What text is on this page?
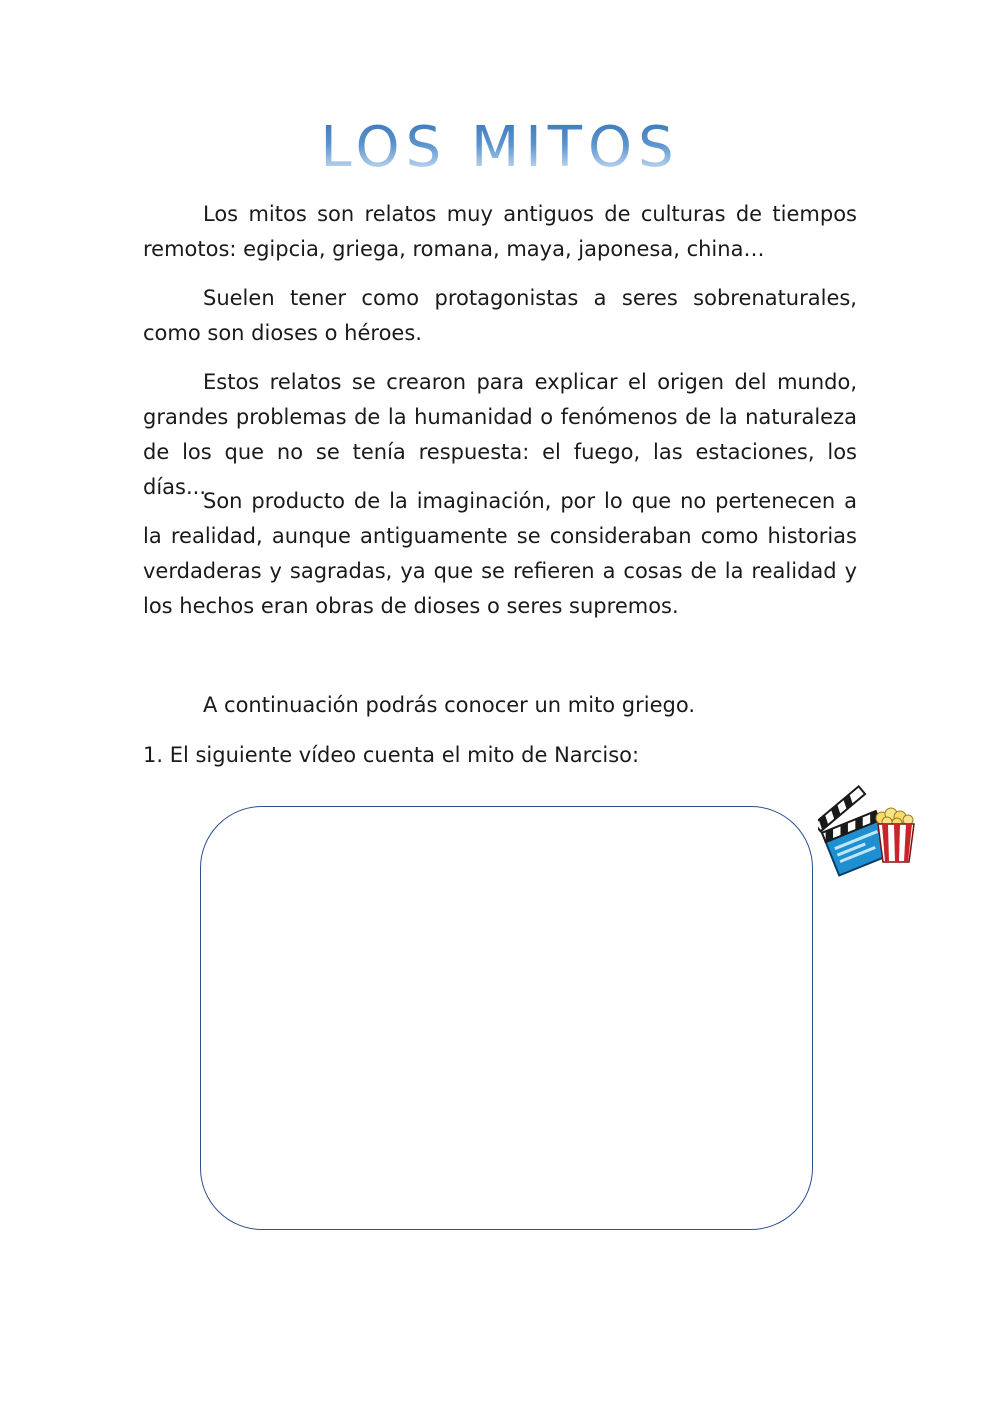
LOS MITOS

Los mitos son relatos muy antiguos de culturas de tiempos remotos: egipcia, griega, romana, maya, japonesa, china…

Suelen tener como protagonistas a seres sobrenaturales, como son dioses o héroes.

Estos relatos se crearon para explicar el origen del mundo, grandes problemas de la humanidad o fenómenos de la naturaleza de los que no se tenía respuesta: el fuego, las estaciones, los días...

Son producto de la imaginación, por lo que no pertenecen a la realidad, aunque antiguamente se consideraban como historias verdaderas y sagradas, ya que se refieren a cosas de la realidad y los hechos eran obras de dioses o seres supremos.

A continuación podrás conocer un mito griego.

1. El siguiente vídeo cuenta el mito de Narciso:
